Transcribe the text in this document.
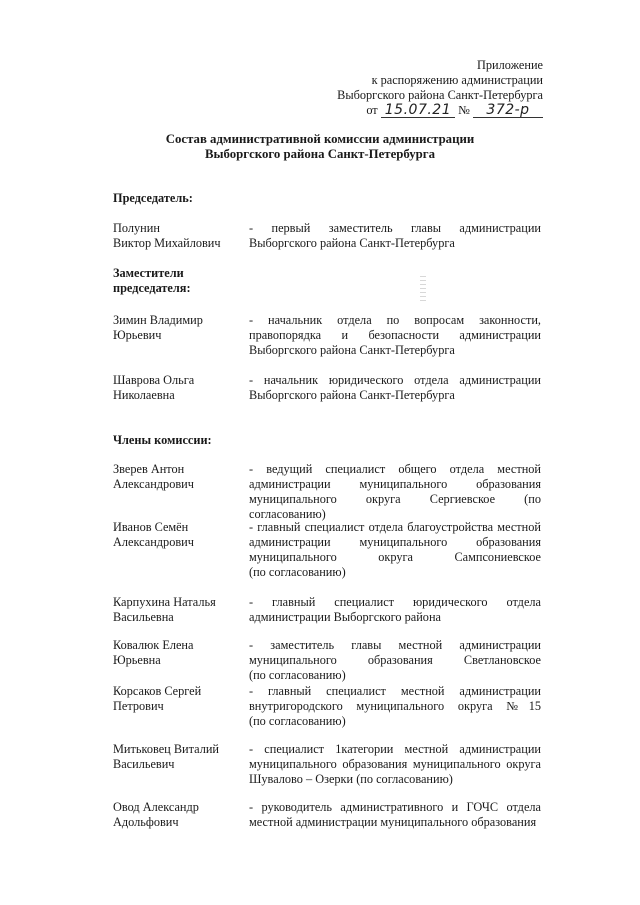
Приложение
к распоряжению администрации
Выборгского района Санкт-Петербурга
от 15.07.21 № 372-р
Состав административной комиссии администрации
Выборгского района Санкт-Петербурга
Председатель:
Полунин
Виктор Михайлович
- первый заместитель главы администрации
Выборгского района Санкт-Петербурга
Заместители
председателя:
Зимин Владимир
Юрьевич
- начальник отдела по вопросам законности,
правопорядка и безопасности администрации
Выборгского района Санкт-Петербурга
Шаврова Ольга
Николаевна
- начальник юридического отдела администрации
Выборгского района Санкт-Петербурга
Члены комиссии:
Зверев Антон
Александрович
- ведущий специалист общего отдела местной
администрации муниципального образования
муниципального округа Сергиевское (по согласованию)
Иванов Семён
Александрович
- главный специалист отдела благоустройства местной
администрации муниципального образования
муниципального округа Сампсониевское
(по согласованию)
Карпухина Наталья
Васильевна
- главный специалист юридического отдела
администрации Выборгского района
Ковалюк Елена
Юрьевна
- заместитель главы местной администрации
муниципального образования Светлановское
(по согласованию)
Корсаков Сергей
Петрович
- главный специалист местной администрации
внутригородского муниципального округа №15
(по согласованию)
Митьковец Виталий
Васильевич
- специалист 1категории местной администрации
муниципального образования муниципального округа
Шувалово – Озерки (по согласованию)
Овод Александр
Адольфович
- руководитель административного и ГОЧС отдела
местной администрации муниципального образования
